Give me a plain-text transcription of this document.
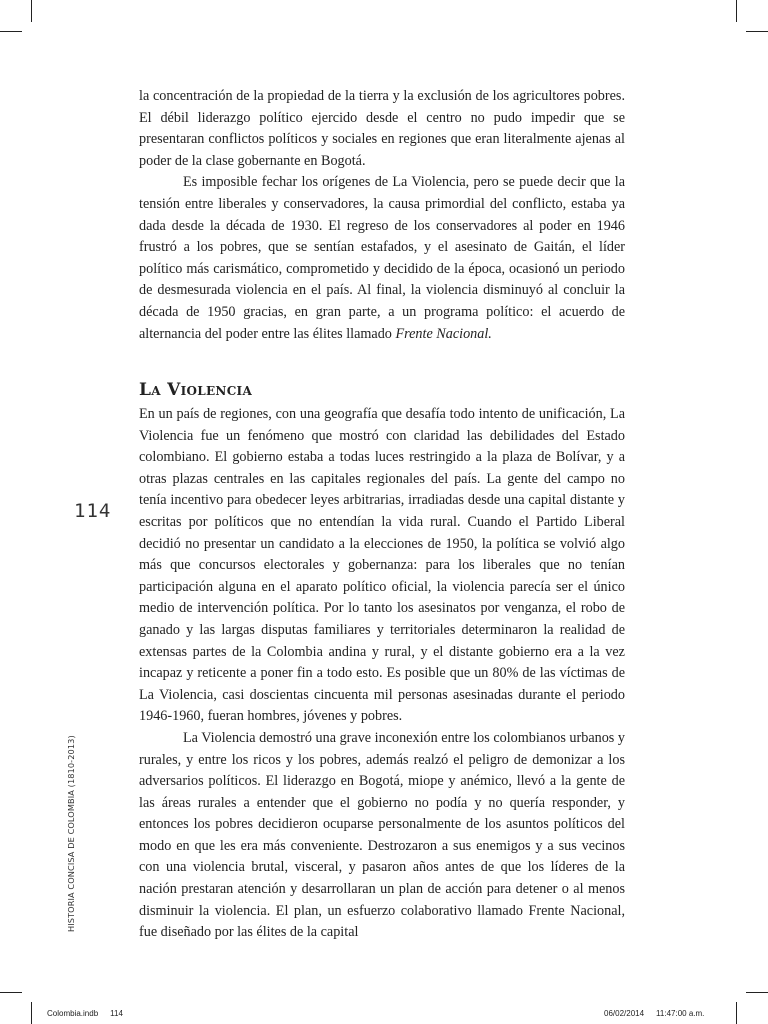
la concentración de la propiedad de la tierra y la exclusión de los agricultores pobres. El débil liderazgo político ejercido desde el centro no pudo impedir que se presentaran conflictos políticos y sociales en regiones que eran literalmente ajenas al poder de la clase gobernante en Bogotá.

Es imposible fechar los orígenes de La Violencia, pero se puede decir que la tensión entre liberales y conservadores, la causa primordial del conflicto, estaba ya dada desde la década de 1930. El regreso de los conservadores al poder en 1946 frustró a los pobres, que se sentían estafados, y el asesinato de Gaitán, el líder político más carismático, comprometido y decidido de la época, ocasionó un periodo de desmesurada violencia en el país. Al final, la violencia disminuyó al concluir la década de 1950 gracias, en gran parte, a un programa político: el acuerdo de alternancia del poder entre las élites llamado Frente Nacional.

La Violencia

En un país de regiones, con una geografía que desafía todo intento de unificación, La Violencia fue un fenómeno que mostró con claridad las debilidades del Estado colombiano. El gobierno estaba a todas luces restringido a la plaza de Bolívar, y a otras plazas centrales en las capitales regionales del país. La gente del campo no tenía incentivo para obedecer leyes arbitrarias, irradiadas desde una capital distante y escritas por políticos que no entendían la vida rural. Cuando el Partido Liberal decidió no presentar un candidato a la elecciones de 1950, la política se volvió algo más que concursos electorales y gobernanza: para los liberales que no tenían participación alguna en el aparato político oficial, la violencia parecía ser el único medio de intervención política. Por lo tanto los asesinatos por venganza, el robo de ganado y las largas disputas familiares y territoriales determinaron la realidad de extensas partes de la Colombia andina y rural, y el distante gobierno era a la vez incapaz y reticente a poner fin a todo esto. Es posible que un 80% de las víctimas de La Violencia, casi doscientas cincuenta mil personas asesinadas durante el periodo 1946-1960, fueran hombres, jóvenes y pobres.

La Violencia demostró una grave inconexión entre los colombianos urbanos y rurales, y entre los ricos y los pobres, además realzó el peligro de demonizar a los adversarios políticos. El liderazgo en Bogotá, miope y anémico, llevó a la gente de las áreas rurales a entender que el gobierno no podía y no quería responder, y entonces los pobres decidieron ocuparse personalmente de los asuntos políticos del modo en que les era más conveniente. Destrozaron a sus enemigos y a sus vecinos con una violencia brutal, visceral, y pasaron años antes de que los líderes de la nación prestaran atención y desarrollaran un plan de acción para detener o al menos disminuir la violencia. El plan, un esfuerzo colaborativo llamado Frente Nacional, fue diseñado por las élites de la capital

114
HISTORIA CONCISA DE COLOMBIA (1810-2013)
Colombia.indb 114	06/02/2014 11:47:00 a.m.
